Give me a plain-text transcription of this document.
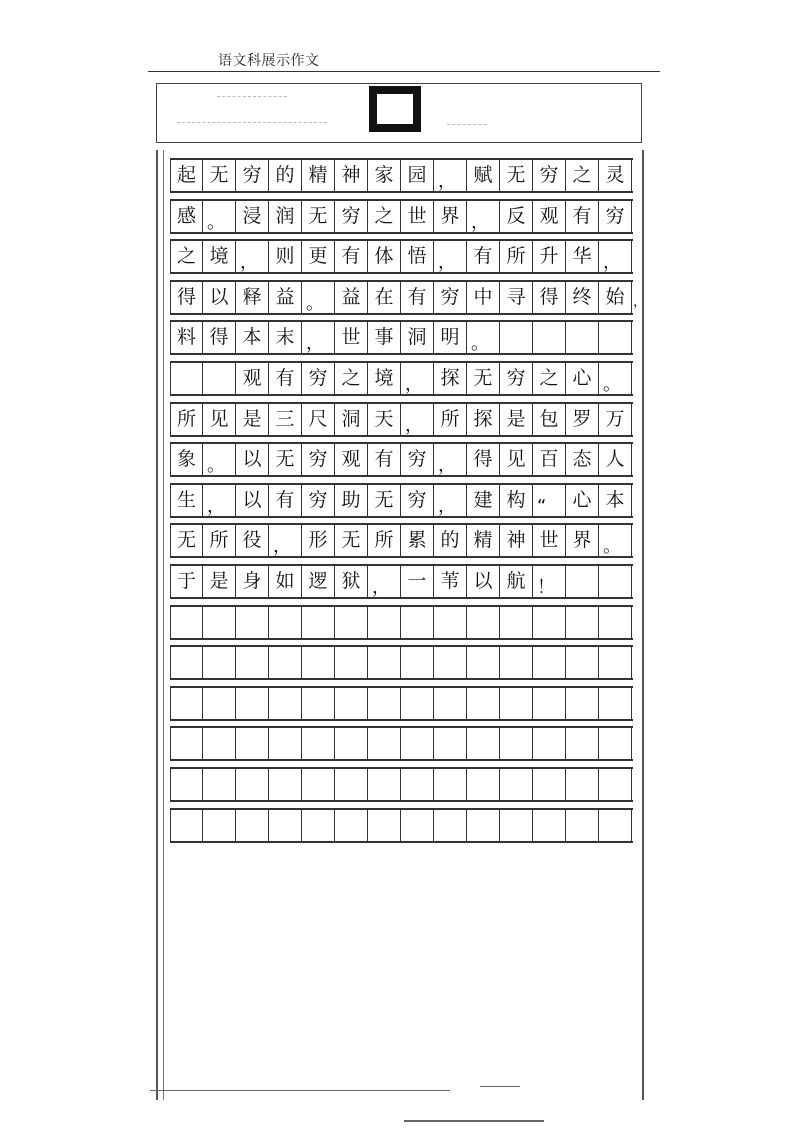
语文科展示作文
起 无 穷 的 精 神 家 园 ， 赋 无 穷 之 灵
感 。 浸 润 无 穷 之 世 界 ， 反 观 有 穷
之 境 ， 则 更 有 体 悟 ， 有 所 升 华 ，
得 以 释 益 。 益 在 有 穷 中 寻 得 终 始 ，
料 得 本 末 ， 世 事 洞 明 。
观 有 穷 之 境 ， 探 无 穷 之 心 。
所 见 是 三 尺 洞 天 ， 所 探 是 包 罗 万
象 。 以 无 穷 观 有 穷 ， 得 见 百 态 人
生 ， 以 有 穷 助 无 穷 ， 建 构 “	心 本
无 所 役 ， 形 无 所 累 的 精 神 世 界 。
于 是 身 如 逻 狱 ， 一 苇 以 航 ！
